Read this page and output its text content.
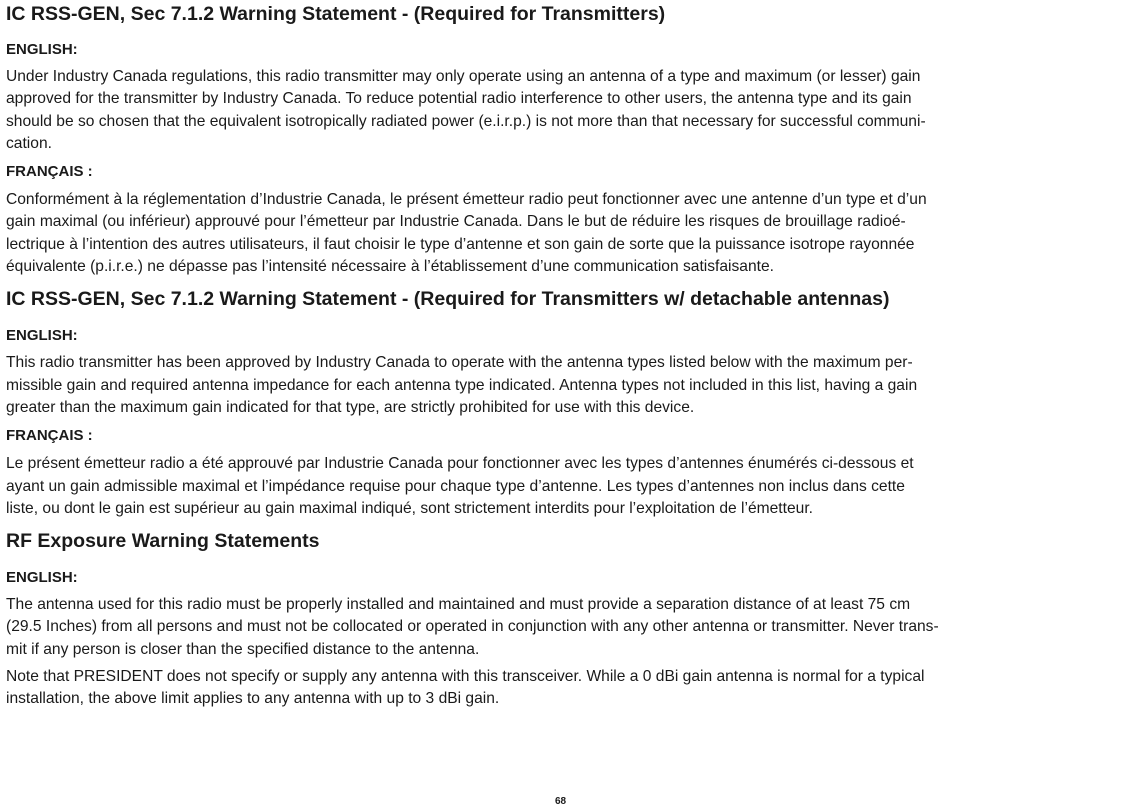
IC RSS-GEN, Sec 7.1.2 Warning Statement - (Required for Transmitters)
ENGLISH:

Under Industry Canada regulations, this radio transmitter may only operate using an antenna of a type and maximum (or lesser) gain
approved for the transmitter by Industry Canada. To reduce potential radio interference to other users, the antenna type and its gain
should be so chosen that the equivalent isotropically radiated power (e.i.r.p.) is not more than that necessary for successful communi-
cation.

FRANÇAIS :

Conformément à la réglementation d’Industrie Canada, le présent émetteur radio peut fonctionner avec une antenne d’un type et d’un
gain maximal (ou inférieur) approuvé pour l’émetteur par Industrie Canada. Dans le but de réduire les risques de brouillage radioé-
lectrique à l’intention des autres utilisateurs, il faut choisir le type d’antenne et son gain de sorte que la puissance isotrope rayonnée
équivalente (p.i.r.e.) ne dépasse pas l’intensité nécessaire à l’établissement d’une communication satisfaisante.

IC RSS-GEN, Sec 7.1.2 Warning Statement - (Required for Transmitters w/ detachable antennas)
ENGLISH:

This radio transmitter has been approved by Industry Canada to operate with the antenna types listed below with the maximum per-
missible gain and required antenna impedance for each antenna type indicated. Antenna types not included in this list, having a gain
greater than the maximum gain indicated for that type, are strictly prohibited for use with this device.

FRANÇAIS :

Le présent émetteur radio a été approuvé par Industrie Canada pour fonctionner avec les types d’antennes énumérés ci-dessous et
ayant un gain admissible maximal et l’impédance requise pour chaque type d’antenne. Les types d’antennes non inclus dans cette
liste, ou dont le gain est supérieur au gain maximal indiqué, sont strictement interdits pour l’exploitation de l’émetteur.

RF Exposure Warning Statements
ENGLISH:

The antenna used for this radio must be properly installed and maintained and must provide a separation distance of at least 75 cm
(29.5 Inches) from all persons and must not be collocated or operated in conjunction with any other antenna or transmitter. Never trans-
mit if any person is closer than the specified distance to the antenna.

Note that PRESIDENT does not specify or supply any antenna with this transceiver. While a 0 dBi gain antenna is normal for a typical
installation, the above limit applies to any antenna with up to 3 dBi gain.

68
